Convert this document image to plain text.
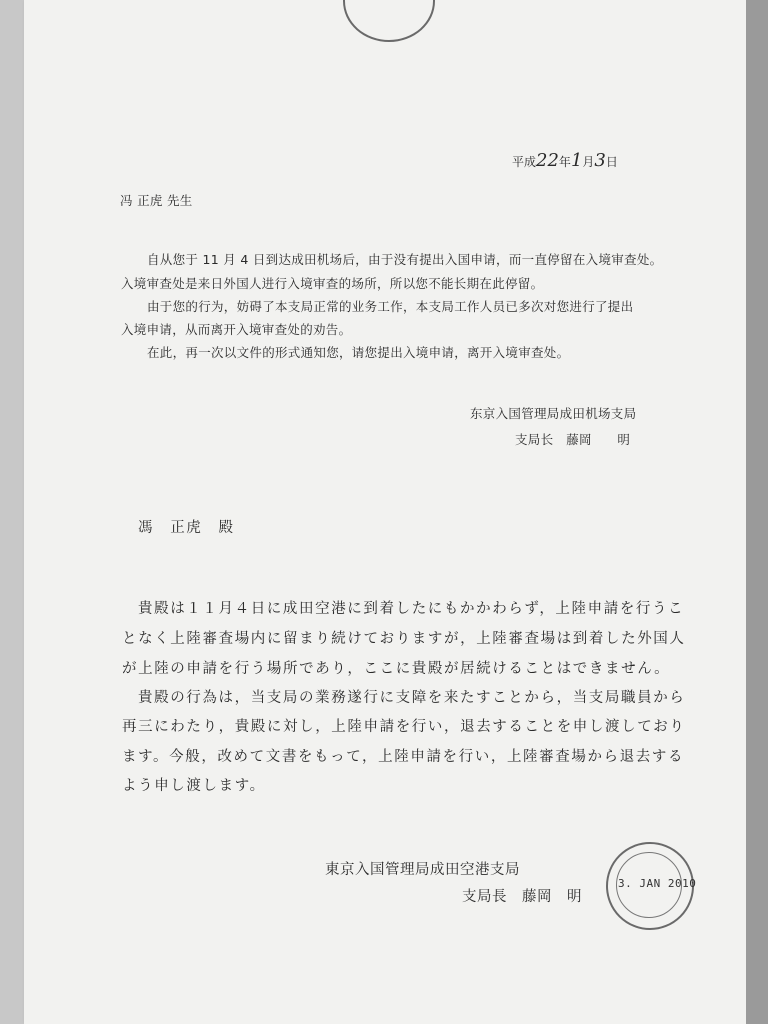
平成22年1月3日
冯 正虎 先生
自从您于 11 月 4 日到达成田机场后，由于没有提出入国申请，而一直停留在入境审查处。
入境审查处是来日外国人进行入境审查的场所，所以您不能长期在此停留。
由于您的行为，妨碍了本支局正常的业务工作，本支局工作人员已多次对您进行了提出
入境申请，从而离开入境审查处的劝告。
在此，再一次以文件的形式通知您，请您提出入境申请，离开入境审查处。
东京入国管理局成田机场支局
支局长　藤岡　　明
馮　正虎　殿
貴殿は１１月４日に成田空港に到着したにもかかわらず，上陸申請を行うこ
となく上陸審査場内に留まり続けておりますが，上陸審査場は到着した外国人
が上陸の申請を行う場所であり，ここに貴殿が居続けることはできません。
貴殿の行為は，当支局の業務遂行に支障を来たすことから，当支局職員から
再三にわたり，貴殿に対し，上陸申請を行い，退去することを申し渡しており
ます。今般，改めて文書をもって，上陸申請を行い，上陸審査場から退去する
よう申し渡します。
東京入国管理局成田空港支局
支局長　藤岡　明
3. JAN 2010
